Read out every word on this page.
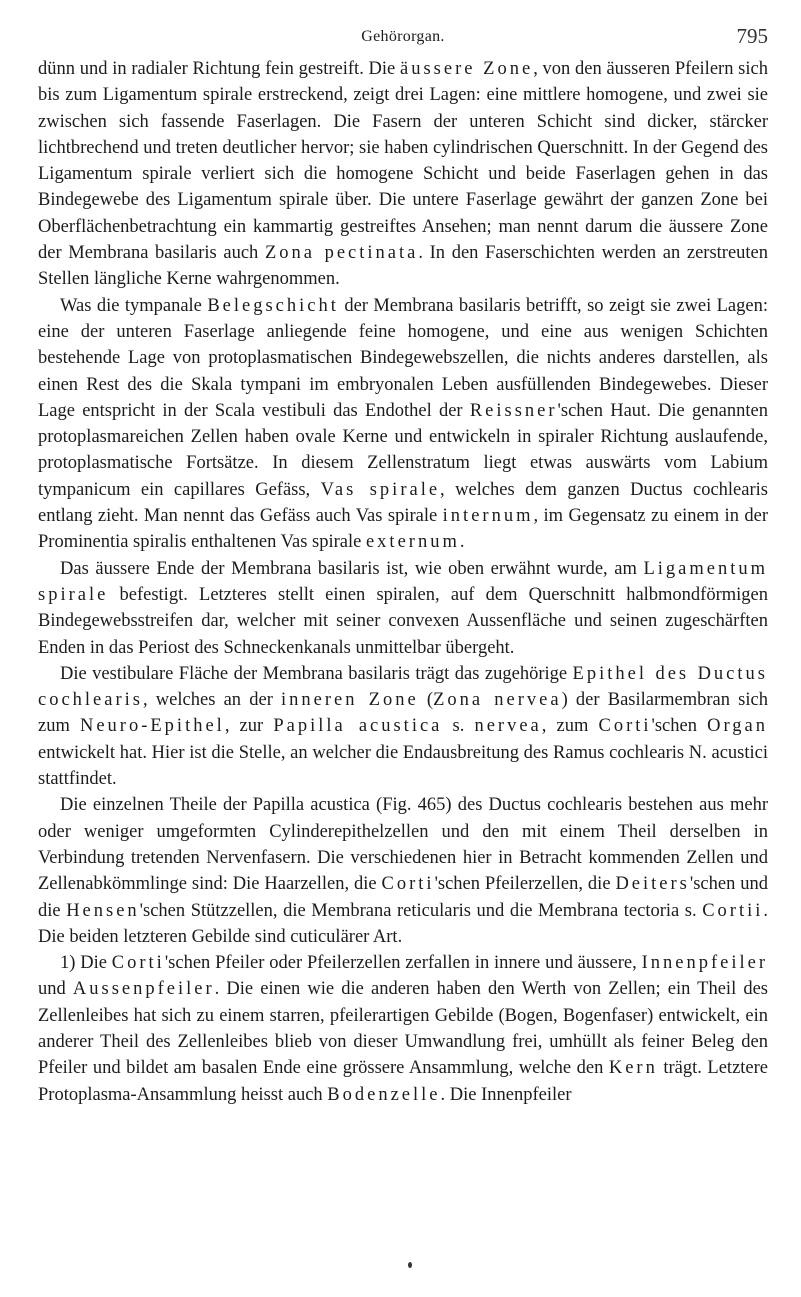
Gehörorgan.	795

dünn und in radialer Richtung fein gestreift. Die äussere Zone, von den äusseren Pfeilern sich bis zum Ligamentum spirale erstreckend, zeigt drei Lagen: eine mittlere homogene, und zwei sie zwischen sich fassende Faserlagen. Die Fasern der unteren Schicht sind dicker, stärcker lichtbrechend und treten deutlicher hervor; sie haben cylindrischen Querschnitt. In der Gegend des Ligamentum spirale verliert sich die homogene Schicht und beide Faserlagen gehen in das Bindegewebe des Ligamentum spirale über. Die untere Faserlage gewährt der ganzen Zone bei Oberflächenbetrachtung ein kammartig gestreiftes Ansehen; man nennt darum die äussere Zone der Membrana basilaris auch Zona pectinata. In den Faserschichten werden an zerstreuten Stellen längliche Kerne wahrgenommen.

Was die tympanale Belegschicht der Membrana basilaris betrifft, so zeigt sie zwei Lagen: eine der unteren Faserlage anliegende feine homogene, und eine aus wenigen Schichten bestehende Lage von protoplasmatischen Bindegewebszellen, die nichts anderes darstellen, als einen Rest des die Skala tympani im embryonalen Leben ausfüllenden Bindegewebes. Dieser Lage entspricht in der Scala vestibuli das Endothel der Reissner'schen Haut. Die genannten protoplasmareichen Zellen haben ovale Kerne und entwickeln in spiraler Richtung auslaufende, protoplasmatische Fortsätze. In diesem Zellenstratum liegt etwas auswärts vom Labium tympanicum ein capillares Gefäss, Vas spirale, welches dem ganzen Ductus cochlearis entlang zieht. Man nennt das Gefäss auch Vas spirale internum, im Gegensatz zu einem in der Prominentia spiralis enthaltenen Vas spirale externum.

Das äussere Ende der Membrana basilaris ist, wie oben erwähnt wurde, am Ligamentum spirale befestigt. Letzteres stellt einen spiralen, auf dem Querschnitt halbmondförmigen Bindegewebsstreifen dar, welcher mit seiner convexen Aussenfläche und seinen zugeschärften Enden in das Periost des Schneckenkanals unmittelbar übergeht.

Die vestibulare Fläche der Membrana basilaris trägt das zugehörige Epithel des Ductus cochlearis, welches an der inneren Zone (Zona nervea) der Basilarmembran sich zum Neuro-Epithel, zur Papilla acustica s. nervea, zum Corti'schen Organ entwickelt hat. Hier ist die Stelle, an welcher die Endausbreitung des Ramus cochlearis N. acustici stattfindet.

Die einzelnen Theile der Papilla acustica (Fig. 465) des Ductus cochlearis bestehen aus mehr oder weniger umgeformten Cylinderepithelzellen und den mit einem Theil derselben in Verbindung tretenden Nervenfasern. Die verschiedenen hier in Betracht kommenden Zellen und Zellenabkömmlinge sind: Die Haarzellen, die Corti'schen Pfeilerzellen, die Deiters'schen und die Hensen'schen Stützzellen, die Membrana reticularis und die Membrana tectoria s. Cortii. Die beiden letzteren Gebilde sind cuticulärer Art.

1) Die Corti'schen Pfeiler oder Pfeilerzellen zerfallen in innere und äussere, Innenpfeiler und Aussenpfeiler. Die einen wie die anderen haben den Werth von Zellen; ein Theil des Zellenleibes hat sich zu einem starren, pfeilerartigen Gebilde (Bogen, Bogenfaser) entwickelt, ein anderer Theil des Zellenleibes blieb von dieser Umwandlung frei, umhüllt als feiner Beleg den Pfeiler und bildet am basalen Ende eine grössere Ansammlung, welche den Kern trägt. Letztere Protoplasma-Ansammlung heisst auch Bodenzelle. Die Innenpfeiler
